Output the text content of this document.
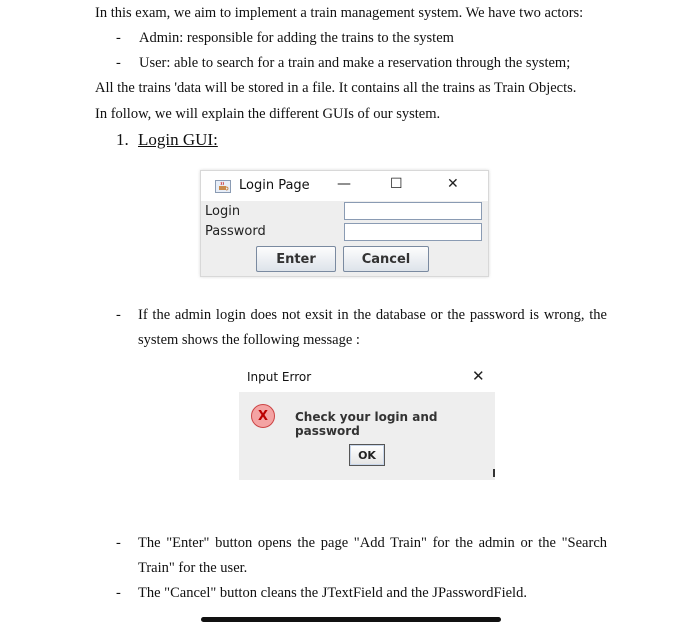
In this exam, we aim to implement a train management system. We have two actors:
- Admin: responsible for adding the trains to the system
- User: able to search for a train and make a reservation through the system;
All the trains 'data will be stored in a file. It contains all the trains as Train Objects.
In follow, we will explain the different GUIs of our system.
1. Login GUI:
Login Page —	☐	✕
Login
Password
Enter	Cancel
- If the admin login does not exsit in the database or the password is wrong, the
system shows the following message :
Input Error	✕
X Check your login and password
OK
- The "Enter" button opens the page "Add Train" for the admin or the "Search
Train" for the user.
- The "Cancel" button cleans the JTextField and the JPasswordField.
